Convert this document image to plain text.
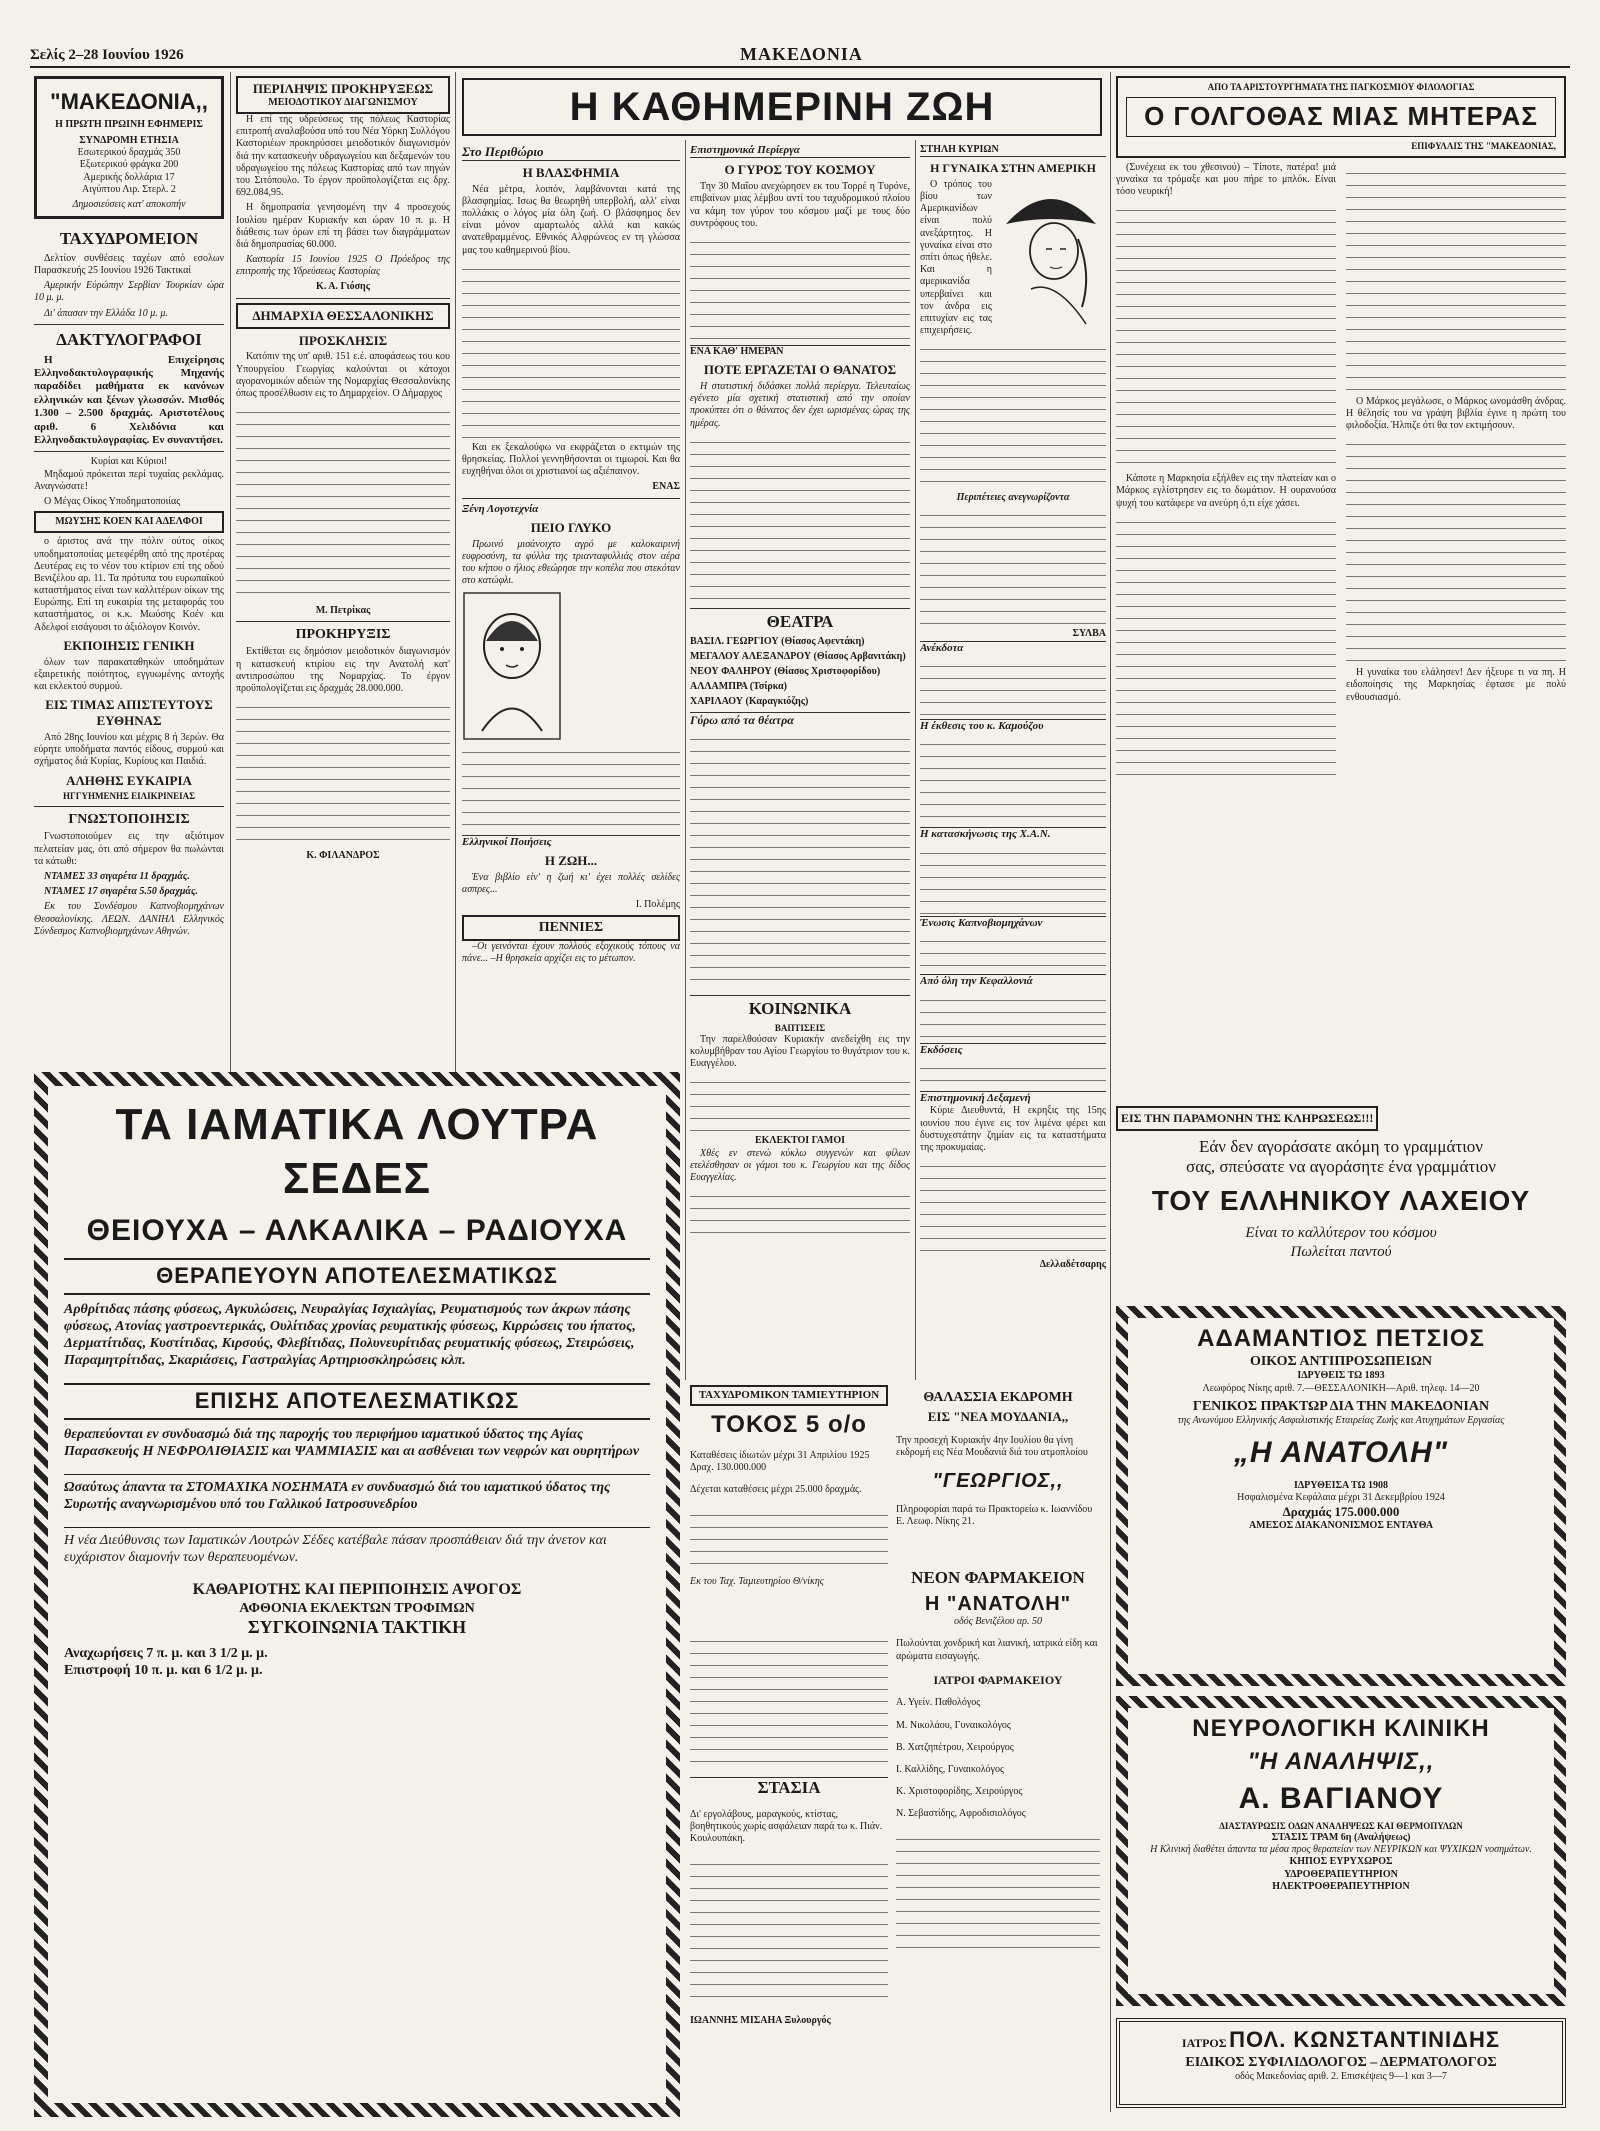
Σελίς 2–28 Ιουνίου 1926	ΜΑΚΕΔΟΝΙΑ
"ΜΑΚΕΔΟΝΙΑ,,
Η ΠΡΩΤΗ ΠΡΩΙΝΗ ΕΦΗΜΕΡΙΣ
ΣΥΝΔΡΟΜΗ ΕΤΗΣΙΑ
Εσωτερικού δραχμάς 350
Εξωτερικού φράγκα 200
Αμερικής δολλάρια 17
Αιγύπτου Λιρ. Στερλ. 2
Δημοσιεύσεις κατ' αποκοπήν
ΤΑΧΥΔΡΟΜΕΙΟΝ

Δελτίον συνθέσεις ταχέων από εσολων Παρασκευής 25 Ιουνίου 1926 Τακτικαί

Αμερικήν Εύρώπην Σερβίαν Τουρκίαν ώρα 10 μ. μ.

Δι' άπασαν την Ελλάδα 10 μ. μ.

ΔΑΚΤΥΛΟΓΡΑΦΟΙ

Η Επιχείρησις Ελληνοδακτυλογραφικής Μηχανής παραδίδει μαθήματα εκ κανόνων ελληνικών και ξένων γλωσσών. Μισθός 1.300 – 2.500 δραχμάς. Αριστοτέλους αριθ. 6 Χελιδόνια και Ελληνοδακτυλογραφίας. Εν συναντήσει.

Κυρίαι και Κύριοι!

Μηδαμού πρόκειται περί τυχαίας ρεκλάμας. Αναγνώσατε!

Ο Μέγας Οίκος Υποδηματοποιίας

ΜΩΥΣΗΣ ΚΟΕΝ ΚΑΙ ΑΔΕΛΦΟΙ

ο άριστος ανά την πόλιν ούτος οίκος υποδηματοποιίας μετεφέρθη από της προτέρας Δευτέρας εις το νέον του κτίριον επί της οδού Βενιζέλου αρ. 11. Τα πρότυπα του ευρωπαϊκού καταστήματος είναι των καλλιτέρων οίκων της Ευρώπης. Επί τη ευκαιρία της μεταφοράς του καταστήματος, οι κ.κ. Μωύσης Κοέν και Αδελφοί εισάγουσι το άξιόλογον Κοινόν.

ΕΚΠΟΙΗΣΙΣ ΓΕΝΙΚΗ

όλων των παρακαταθηκών υποδημάτων εξαιρετικής ποιότητος, εγγυωμένης αντοχής και εκλεκτού συρμού.

ΕΙΣ ΤΙΜΑΣ ΑΠΙΣΤΕΥΤΟΥΣ ΕΥΘΗΝΑΣ

Από 28ης Ιουνίου και μέχρις 8 ή 3ερών. Θα εύρητε υποδήματα παντός είδους, συρμού και σχήματος διά Κυρίας, Κυρίους και Παιδιά.

ΑΛΗΘΗΣ ΕΥΚΑΙΡΙΑ
ΗΓΓΥΗΜΕΝΗΣ ΕΙΛΙΚΡΙΝΕΙΑΣ
ΓΝΩΣΤΟΠΟΙΗΣΙΣ

Γνωστοποιούμεν εις την αξιότιμον πελατείαν μας, ότι από σήμερον θα πωλώνται τα κάτωθι:

ΝΤΑΜΕΣ 33 σιγαρέτα 11 δραχμάς.

ΝΤΑΜΕΣ 17 σιγαρέτα 5.50 δραχμάς.

Εκ του Συνδέσμου Καπνοβιομηχάνων Θεσσαλονίκης. ΛΕΩΝ. ΔΑΝΙΗΛ Ελληνικός Σύνδεσμος Καπνοβιομηχάνων Αθηνών.

ΠΕΡΙΛΗΨΙΣ ΠΡΟΚΗΡΥΞΕΩΣ
ΜΕΙΟΔΟΤΙΚΟΥ ΔΙΑΓΩΝΙΣΜΟΥ

Η επί της υδρεύσεως της πόλεως Καστορίας επιτροπή αναλαβούσα υπό του Νέα Υόρκη Συλλόγου Καστοριέων προκηρύσσει μειοδοτικόν διαγωνισμόν διά την κατασκευήν υδραγωγείου και δεξαμενών του υδραγωγείου της πόλεως Καστορίας από των πηγών του Σιτόπουλο. Το έργον προϋπολογίζεται εις δρχ. 692.084,95.

Η δημοπρασία γενησομένη την 4 προσεχούς Ιουλίου ημέραν Κυριακήν και ώραν 10 π. μ. Η διάθεσις των όρων επί τη βάσει των διαγράμματων διά δημοπρασίας 60.000.

Καστορία 15 Ιουνίου 1925 Ο Πρόεδρος της επιτροπής της Υδρεύσεως Καστορίας

Κ. Α. Γιόσης
ΔΗΜΑΡΧΙΑ ΘΕΣΣΑΛΟΝΙΚΗΣ
ΠΡΟΣΚΛΗΣΙΣ

Κατόπιν της υπ' αριθ. 151 ε.έ. αποφάσεως του κου Υπουργείου Γεωργίας καλούνται οι κάτοχοι αγορανομικών αδειών της Νομαρχίας Θεσσαλονίκης όπως προσέλθωσιν εις το Δημαρχείον. Ο Δήμαρχος

Μ. Πετρίκας
ΠΡΟΚΗΡΥΞΙΣ

Εκτίθεται εις δημόσιον μειοδοτικόν διαγωνισμόν η κατασκευή κτιρίου εις την Ανατολή κατ' αντιπροσώπου της Νομαρχίας. Το έργον προϋπολογίζεται εις δραχμάς 28.000.000.

Κ. ΦΙΛΑΝΔΡΟΣ
Η ΚΑΘΗΜΕΡΙΝΗ ΖΩΗ
Στο Περιθώριο
Η ΒΛΑΣΦΗΜΙΑ

Νέα μέτρα, λοιπόν, λαμβάνονται κατά της βλασφημίας. Ισως θα θεωρηθή υπερβολή, αλλ' είναι πολλάκις ο λόγος μία όλη ζωή. Ο βλάσφημος δεν είναι μόνον αμαρτωλός αλλά και κακώς ανατεθραμμένος. Εθνικός Αλφρώνεος εν τη γλώσσα μας του καθημερινού βίου.

Και εκ ξεκαλούφω να εκφράζεται ο εκτιμών της θρησκείας. Πολλοί γεννηθήσονται οι τιμωροί. Και θα ευχηθήναι όλοι οι χριστιανοί ως αξιέπαινον.

ΕΝΑΣ
Ξένη Λογοτεχνία
ΠΕΙΟ ΓΛΥΚΟ

Πρωινό μισάνοιχτο αγρό με καλοκαιρινή ευφροσύνη, τα φύλλα της τριανταφυλλιάς στον αέρα του κήπου ο ήλιος εθεώρησε την κοπέλα που στεκόταν στο κατώφλι.

Ελληνικοί Ποιήσεις
Η ΖΩΗ...

Ένα βιβλίο είν' η ζωή κι' έχει πολλές σελίδες ασπρες...

Ι. Πολέμης
ΠΕΝΝΙΕΣ

–Οι γεινόνται έχουν πολλούς εξοχικούς τόπους να πάνε... –Η θρησκεία αρχίζει εις το μέτωπον.

Επιστημονικά Περίεργα
Ο ΓΥΡΟΣ ΤΟΥ ΚΟΣΜΟΥ

Την 30 Μαΐου ανεχώρησεν εκ του Τορρέ η Τυρόνε, επιβαίνων μιας λέμβου αντί του ταχυδρομικού πλοίου να κάμη τον γύρον του κόσμου μαζί με τους δύο συντρόφους του.

ΕΝΑ ΚΑΘ' ΗΜΕΡΑΝ
ΠΟΤΕ ΕΡΓΑΖΕΤΑΙ Ο ΘΑΝΑΤΟΣ

Η στατιστική διδάσκει πολλά περίεργα. Τελευταίως εγένετο μία σχετική στατιστική από την οποίαν προκύπτει ότι ο θάνατος δεν έχει ωρισμένας ώρας της ημέρας.

ΘΕΑΤΡΑ

ΒΑΣΙΛ. ΓΕΩΡΓΙΟΥ (Θίασος Αφεντάκη)

ΜΕΓΑΛΟΥ ΑΛΕΞΑΝΔΡΟΥ (Θίασος Αρβανιτάκη)

ΝΕΟΥ ΦΑΛΗΡΟΥ (Θίασος Χριστοφορίδου)

ΑΛΛΑΜΠΡΑ (Τσίρκα)

ΧΑΡΙΛΑΟΥ (Καραγκιόζης)

Γύρω από τα θέατρα
ΚΟΙΝΩΝΙΚΑ
ΒΑΠΤΙΣΕΙΣ

Την παρελθούσαν Κυριακήν ανεδείχθη εις την κολυμβήθραν του Αγίου Γεωργίου το θυγάτριον του κ. Ευαγγέλου.

ΕΚΛΕΚΤΟΙ ΓΑΜΟΙ

Χθές εν στενώ κύκλω συγγενών και φίλων ετελέσθησαν οι γάμοι του κ. Γεωργίου και της δίδος Ευαγγελίας.

ΣΤΗΛΗ ΚΥΡΙΩΝ
Η ΓΥΝΑΙΚΑ ΣΤΗΝ ΑΜΕΡΙΚΗ

Ο τρόπος του βίου των Αμερικανίδων είναι πολύ ανεξάρτητος. Η γυναίκα είναι στο σπίτι όπως ήθελε. Και η αμερικανίδα υπερβαίνει και τον άνδρα εις επιτυχίαν εις τας επιχειρήσεις.

Περιπέτειες ανεγνωρίζοντα
ΣΥΛΒΑ
Ανέκδοτα
Η έκθεσις του κ. Καμούζου
Η κατασκήνωσις της Χ.Α.Ν.
Ένωσις Καπνοβιομηχάνων
Από όλη την Κεφαλλονιά
Εκδόσεις
Επιστημονική Δεξαμενή

Κύριε Διευθυντά, Η εκρηξις της 15ης ιουνίου που έγινε εις τον λιμένα φέρει και δυστυχεστάτην ζημίαν εις τα καταστήματα της προκυμαίας.

Δελλαδέτσαρης
ΑΠΟ ΤΑ ΑΡΙΣΤΟΥΡΓΗΜΑΤΑ ΤΗΣ ΠΑΓΚΟΣΜΙΟΥ ΦΙΛΟΛΟΓΙΑΣ
Ο ΓΟΛΓΟΘΑΣ ΜΙΑΣ ΜΗΤΕΡΑΣ
ΕΠΙΦΥΛΛΙΣ ΤΗΣ "ΜΑΚΕΔΟΝΙΑΣ,

(Συνέχεια εκ του χθεσινού) – Τίποτε, πατέρα! μιά γυναίκα τα τρόμαξε και μου πήρε το μπλόκ. Είναι τόσο νευρική!

Κάποτε η Μαρκησία εξήλθεν εις την πλατείαν και ο Μάρκος εγλίστρησεν εις το δωμάτιον. Η ουρανούσα ψυχή του κατάφερε να ανεύρη ό,τι είχε χάσει.

Ο Μάρκος μεγάλωσε, ο Μάρκος ωνομάσθη άνδρας. Η θέλησίς του να γράψη βιβλία έγινε η πρώτη του φιλοδοξία. Ήλπιζε ότι θα τον εκτιμήσουν.

Η γυναίκα του ελάλησεν! Δεν ήξευρε τι να πη. Η ειδοποίησις της Μαρκησίας έφτασε με πολύ ενθουσιασμό.

ΕΙΣ ΤΗΝ ΠΑΡΑΜΟΝΗΝ ΤΗΣ ΚΛΗΡΩΣΕΩΣ!!!
Εάν δεν αγοράσατε ακόμη το γραμμάτιον
σας, σπεύσατε να αγοράσητε ένα γραμμάτιον
ΤΟΥ ΕΛΛΗΝΙΚΟΥ ΛΑΧΕΙΟΥ
Είναι το καλλύτερον του κόσμου
Πωλείται παντού
ΑΔΑΜΑΝΤΙΟΣ ΠΕΤΣΙΟΣ
ΟΙΚΟΣ ΑΝΤΙΠΡΟΣΩΠΕΙΩΝ
ΙΔΡΥΘΕΙΣ ΤΩ 1893
Λεωφόρος Νίκης αριθ. 7.—ΘΕΣΣΑΛΟΝΙΚΗ—Αριθ. τηλεφ. 14—20
ΓΕΝΙΚΟΣ ΠΡΑΚΤΩΡ ΔΙΑ ΤΗΝ ΜΑΚΕΔΟΝΙΑΝ
της Ανωνύμου Ελληνικής Ασφαλιστικής Εταιρείας Ζωής και Ατυχημάτων Εργασίας
„Η ΑΝΑΤΟΛΗ"
ΙΔΡΥΘΕΙΣΑ ΤΩ 1908
Ησφαλισμένα Κεφάλαια μέχρι 31 Δεκεμβρίου 1924
Δραχμάς 175.000.000
ΑΜΕΣΟΣ ΔΙΑΚΑΝΟΝΙΣΜΟΣ ΕΝΤΑΥΘΑ
ΝΕΥΡΟΛΟΓΙΚΗ ΚΛΙΝΙΚΗ
"Η ΑΝΑΛΗΨΙΣ,,
Α. ΒΑΓΙΑΝΟΥ
ΔΙΑΣΤΑΥΡΩΣΙΣ ΟΔΩΝ ΑΝΑΛΗΨΕΩΣ ΚΑΙ ΘΕΡΜΟΠΥΛΩΝ
ΣΤΑΣΙΣ ΤΡΑΜ 6η (Αναλήψεως)
Η Κλινική διαθέτει άπαντα τα μέσα προς θεραπείαν των ΝΕΥΡΙΚΩΝ και ΨΥΧΙΚΩΝ νοσημάτων.
ΚΗΠΟΣ ΕΥΡΥΧΩΡΟΣ
ΥΔΡΟΘΕΡΑΠΕΥΤΗΡΙΟΝ
ΗΛΕΚΤΡΟΘΕΡΑΠΕΥΤΗΡΙΟΝ
ΙΑΤΡΟΣ ΠΟΛ. ΚΩΝΣΤΑΝΤΙΝΙΔΗΣ
ΕΙΔΙΚΟΣ ΣΥΦΙΛΙΔΟΛΟΓΟΣ – ΔΕΡΜΑΤΟΛΟΓΟΣ
οδός Μακεδονίας αριθ. 2. Επισκέψεις 9—1 και 3—7
ΤΑ ΙΑΜΑΤΙΚΑ ΛΟΥΤΡΑ ΣΕΔΕΣ
ΘΕΙΟΥΧΑ – ΑΛΚΑΛΙΚΑ – ΡΑΔΙΟΥΧΑ
ΘΕΡΑΠΕΥΟΥΝ ΑΠΟΤΕΛΕΣΜΑΤΙΚΩΣ

Αρθρίτιδας πάσης φύσεως, Αγκυλώσεις, Νευραλγίας Ισχιαλγίας, Ρευματισμούς των άκρων πάσης φύσεως, Ατονίας γαστροεντερικάς, Ουλίτιδας χρονίας ρευματικής φύσεως, Κιρρώσεις του ήπατος, Δερματίτιδας, Κυστίτιδας, Κιρσούς, Φλεβίτιδας, Πολυνευρίτιδας ρευματικής φύσεως, Στειρώσεις, Παραμητρίτιδας, Σκαριάσεις, Γαστραλγίας Αρτηριοσκληρώσεις κλπ.

ΕΠΙΣΗΣ ΑΠΟΤΕΛΕΣΜΑΤΙΚΩΣ

θεραπεύονται εν συνδυασμώ διά της παροχής του περιφήμου ιαματικού ύδατος της Αγίας Παρασκευής Η ΝΕΦΡΟΛΙΘΙΑΣΙΣ και ΨΑΜΜΙΑΣΙΣ και αι ασθένειαι των νεφρών και ουρητήρων

Ωσαύτως άπαντα τα ΣΤΟΜΑΧΙΚΑ ΝΟΣΗΜΑΤΑ εν συνδυασμώ διά του ιαματικού ύδατος της Συρωτής αναγνωρισμένου υπό του Γαλλικού Ιατροσυνεδρίου

Η νέα Διεύθυνσις των Ιαματικών Λουτρών Σέδες κατέβαλε πάσαν προσπάθειαν διά την άνετον και ευχάριστον διαμονήν των θεραπευομένων.

ΚΑΘΑΡΙΟΤΗΣ ΚΑΙ ΠΕΡΙΠΟΙΗΣΙΣ ΑΨΟΓΟΣ
ΑΦΘΟΝΙΑ ΕΚΛΕΚΤΩΝ ΤΡΟΦΙΜΩΝ
ΣΥΓΚΟΙΝΩΝΙΑ ΤΑΚΤΙΚΗ
Αναχωρήσεις 7 π. μ. και 3 1/2 μ. μ.
Επιστροφή 10 π. μ. και 6 1/2 μ. μ.
ΤΑΧΥΔΡΟΜΙΚΟΝ ΤΑΜΙΕΥΤΗΡΙΟΝ
ΤΟΚΟΣ 5 ο/ο

Καταθέσεις ίδιωτών μέχρι 31 Απριλίου 1925 Δραχ. 130.000.000

Δέχεται καταθέσεις μέχρι 25.000 δραχμάς.

Εκ του Ταχ. Ταμιευτηρίου Θ/νίκης

ΘΑΛΑΣΣΙΑ ΕΚΔΡΟΜΗ
ΕΙΣ "ΝΕΑ ΜΟΥΔΑΝΙΑ,,

Την προσεχή Κυριακήν 4ην Ιουλίου θα γίνη εκδρομή εις Νέα Μουδανιά διά του ατμοπλοίου

"ΓΕΩΡΓΙΟΣ,,

Πληροφορίαι παρά τω Πρακτορείω κ. Ιωαννίδου Ε. Λεωφ. Νίκης 21.

ΝΕΟΝ ΦΑΡΜΑΚΕΙΟΝ
Η "ΑΝΑΤΟΛΗ"
οδός Βενιζέλου αρ. 50

Πωλούνται χονδρική και λιανική, ιατρικά είδη και αρώματα εισαγωγής.

ΙΑΤΡΟΙ ΦΑΡΜΑΚΕΙΟΥ

Α. Υγείν. Παθολόγος

Μ. Νικολάου, Γυναικολόγος

Β. Χατζηπέτρου, Χειρούργος

Ι. Καλλίδης, Γυναικολόγος

Κ. Χριστοφορίδης, Χειρούργος

Ν. Σεβαστίδης, Αφροδισιολόγος

ΣΤΑΣΙΑ

Δι' εργολάβους, μαραγκούς, κτίστας, βοηθητικούς χωρίς ασφάλειαν παρά τω κ. Πιάν. Κουλουπάκη.

ΙΩΑΝΝΗΣ ΜΙΣΑΗΑ Ξυλουργός
